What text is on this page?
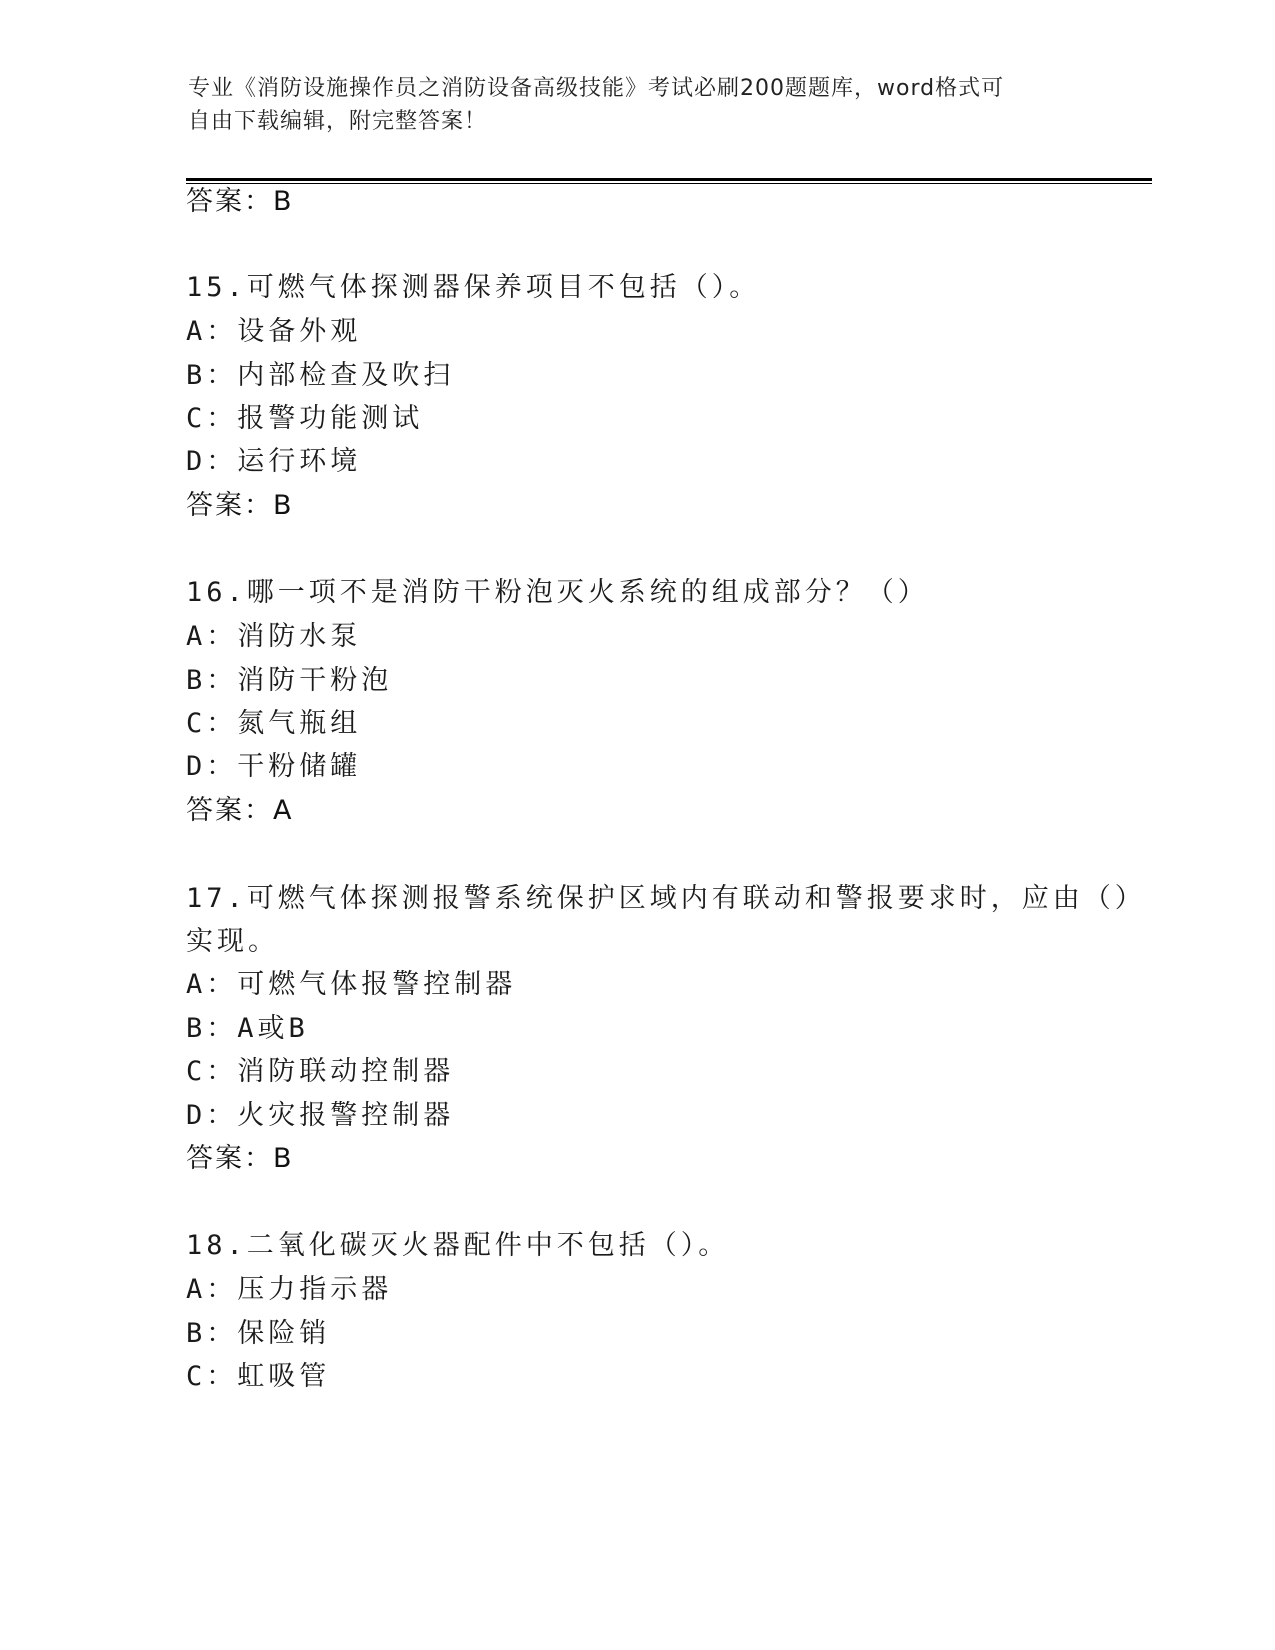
专业《消防设施操作员之消防设备高级技能》考试必刷200题题库，word格式可
自由下载编辑，附完整答案！
答案：B
15.可燃气体探测器保养项目不包括（）。
A：设备外观
B：内部检查及吹扫
C：报警功能测试
D：运行环境
答案：B
16.哪一项不是消防干粉泡灭火系统的组成部分？（）
A：消防水泵
B：消防干粉泡
C：氮气瓶组
D：干粉储罐
答案：A
17.可燃气体探测报警系统保护区域内有联动和警报要求时，应由（）
实现。
A：可燃气体报警控制器
B：A或B
C：消防联动控制器
D：火灾报警控制器
答案：B
18.二氧化碳灭火器配件中不包括（）。
A：压力指示器
B：保险销
C：虹吸管
